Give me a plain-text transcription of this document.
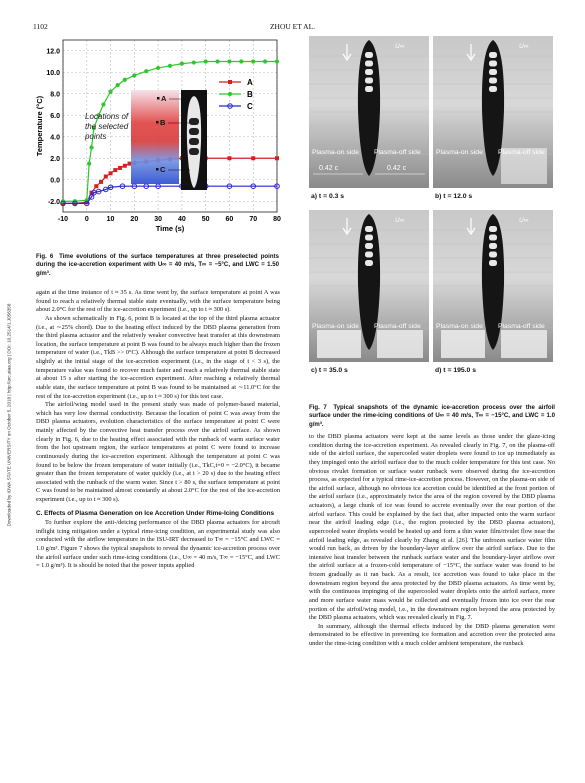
1102	ZHOU ET AL.
Downloaded by IOWA STATE UNIVERSITY on October 5, 2018 | http://arc.aiaa.org | DOI: 10.2514/1.J056358
-2.0
0.0
2.0
4.0
6.0
8.0
10.0
12.0
-10 0	10 20 30 40 50 60 70 80
Time (s)
Temperature (°C)
A
B
C
Locations of
the selected
points
A
B
C
U∞
Plasma-on side Plasma-off side
0.42 c	0.42 c
a) t = 0.3 s
U∞
Plasma-on side Plasma-off side
b) t = 12.0 s
U∞
Plasma-on side Plasma-off side
c) t = 35.0 s
U∞
Plasma-on side Plasma-off side
d) t = 195.0 s
Fig. 6 Time evolutions of the surface temperatures at three preselected points during the ice-accretion experiment with U∞ = 40 m/s, T∞ = −5°C, and LWC = 1.50 g/m³.
Fig. 7 Typical snapshots of the dynamic ice-accretion process over the airfoil surface under the rime-icing conditions of U∞ = 40 m/s, T∞ = −15°C, and LWC = 1.0 g/m³.

again at the time instance of t ≈ 35 s. As time went by, the surface temperature at point A was found to reach a relatively thermal stable state eventually, with the surface temperature being about 2.0°C for the rest of the ice-accretion experiment (i.e., up to t ≈ 300 s).

As shown schematically in Fig. 6, point B is located at the top of the third plasma actuator (i.e., at ∼25% chord). Due to the heating effect induced by the DBD plasma generation from the third plasma actuator and the relatively weaker convective heat transfer at this downstream location, the surface temperature at point B was found to be always much higher than the frozen temperature of water (i.e., TkB >> 0°C). Although the surface temperature at point B decreased slightly at the initial stage of the ice-accretion experiment (i.e., in the stage of t < 3 s), the temperature value was found to recover much faster and reach a relatively thermal stable state at about 15 s after starting the ice-accretion experiment. After reaching a relatively thermal stable state, the surface temperature at point B was found to be maintained at ∼11.0°C for the rest of the ice-accretion experiment (i.e., up to t ≈ 300 s) for this test case.

The airfoil/wing model used in the present study was made of polymer-based material, which has very low thermal conductivity. Because the location of point C was away from the DBD plasma actuators, evolution characteristics of the surface temperature at point C were mainly affected by the convective heat transfer process over the airfoil surface. As shown clearly in Fig. 6, due to the heating effect associated with the runback of warm surface water from the hot upstream region, the surface temperatures at point C were found to increase continuously during the ice-accretion experiment. Although the temperature at point C was found to be below the frozen temperature of water initially (i.e., TkC,t=0 = −2.0°C), it became greater than the frozen temperature of water quickly (i.e., at t > 20 s) due to the heating effect associated with the runback of the warm water. Since t > 80 s, the surface temperature at point C was found to be maintained almost constantly at about 2.0°C for the rest of the ice-accretion experiment (i.e., up to t ≈ 300 s).

C. Effects of Plasma Generation on Ice Accretion Under Rime-Icing Conditions

To further explore the anti-/deicing performance of the DBD plasma actuators for aircraft inflight icing mitigation under a typical rime-icing condition, an experimental study was also conducted with the airflow temperature in the ISU-IRT decreased to T∞ = −15°C and LWC = 1.0 g/m³. Figure 7 shows the typical snapshots to reveal the dynamic ice-accretion process over the airfoil surface under such rime-icing conditions (i.e., U∞ = 40 m/s, T∞ = −15°C, and LWC = 1.0 g/m³). It is should be noted that the power inputs applied

to the DBD plasma actuators were kept at the same levels as those under the glaze-icing condition during the ice-accretion experiment. As revealed clearly in Fig. 7, on the plasma-off side of the airfoil surface, the supercooled water droplets were found to ice up immediately as they impinged onto the airfoil surface due to the much colder temperature for this test case. No obvious rivulet formation or surface water runback were observed during the ice-accretion process, as expected for a typical rime-ice-accretion process. However, on the plasma-on side of the airfoil surface, although no obvious ice accretion could be identified at the front portion of the airfoil surface (i.e., approximately twice the area of the region covered by the DBD plasma actuators), a large chunk of ice was found to accrete eventually over the rear portion of the airfoil surface. This could be explained by the fact that, after impacted onto the warm surface near the airfoil leading edge (i.e., the region protected by the DBD plasma actuators), supercooled water droplets would be heated up and form a thin water film/rivulet flow near the airfoil leading edge, as revealed clearly by Zhang et al. [26]. The unfrozen surface water film would run back, as driven by the boundary-layer airflow over the airfoil surface. Due to the intensive heat transfer between the runback surface water and the boundary-layer airflow over the airfoil surface at a frozen-cold temperature of −15°C, the surface water was found to be frozen gradually as it ran back. As a result, ice accretion was found to take place in the downstream region beyond the area protected by the DBD plasma actuators. As time went by, with the continuous impinging of the supercooled water droplets onto the airfoil surface, more and more surface water mass would be collected and eventually frozen into ice over the rear portion of the airfoil/wing model, i.e., in the downstream region beyond the area protected by the DBD plasma actuators, which was revealed clearly in Fig. 7.

In summary, although the thermal effects induced by the DBD plasma generation were demonstrated to be effective in preventing ice formation and accretion over the protected area under the rime-icing condition with a much colder ambient temperature, the runback
